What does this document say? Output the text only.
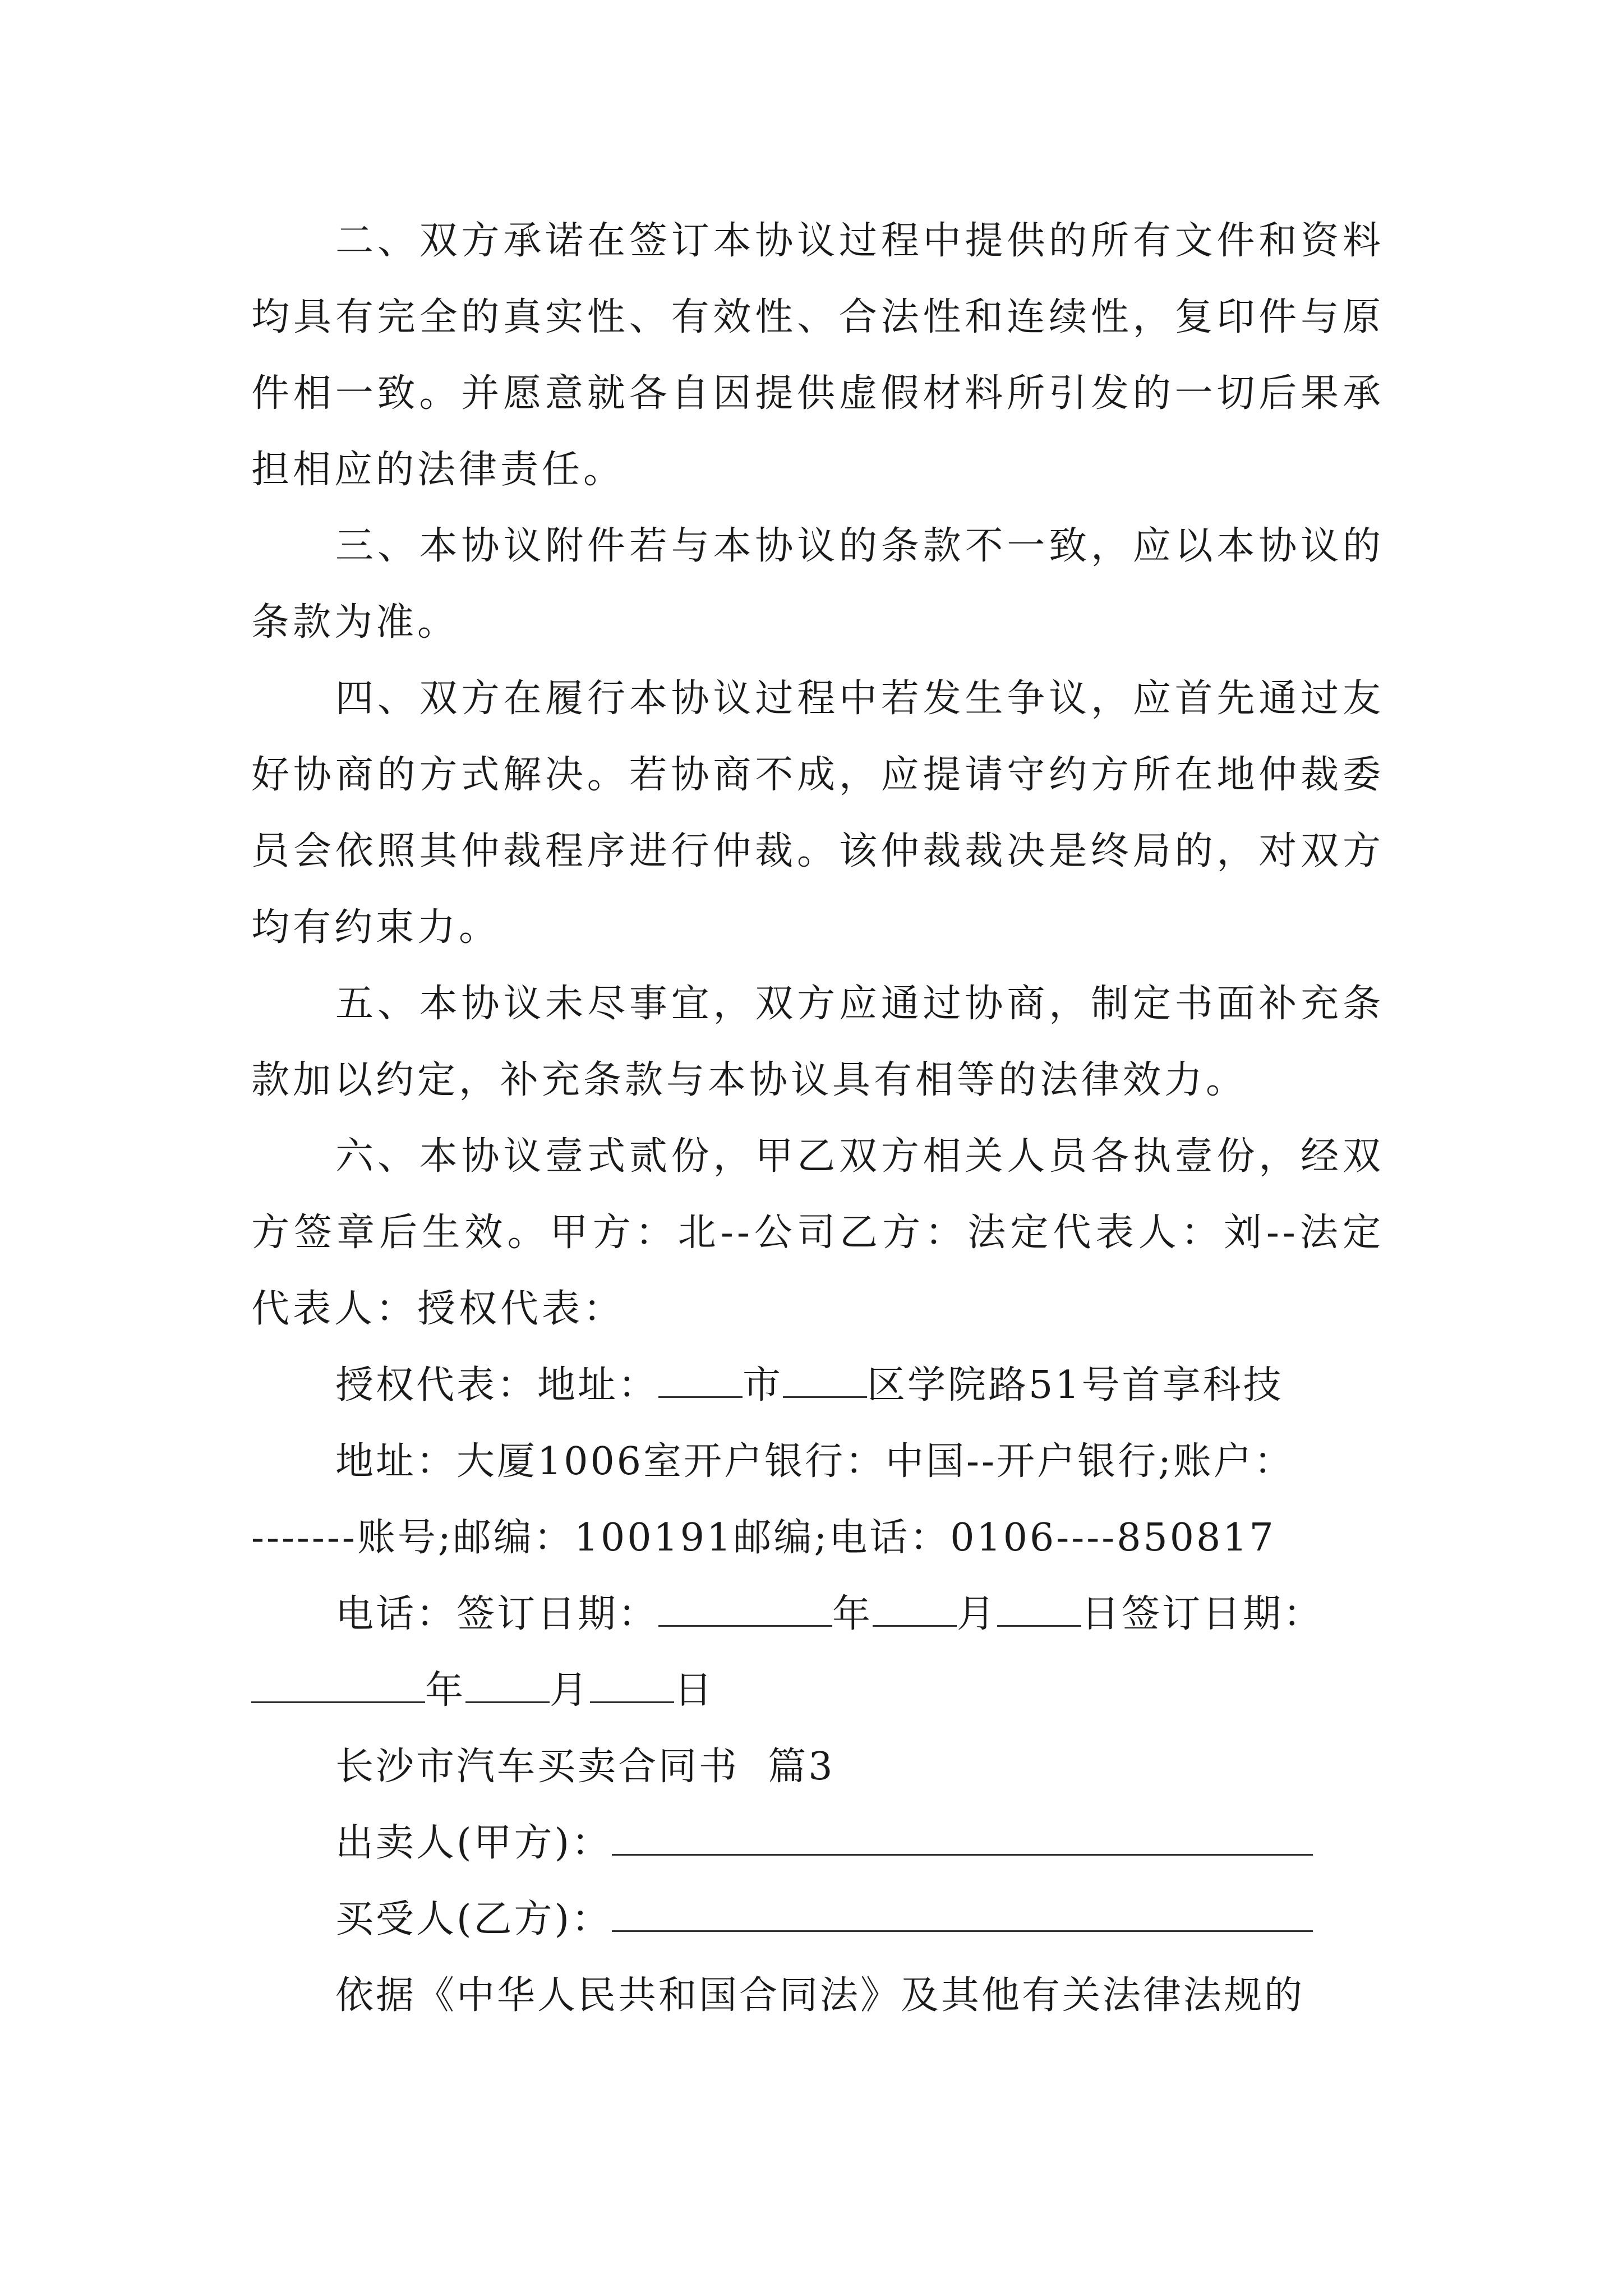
二、双方承诺在签订本协议过程中提供的所有文件和资料均具有完全的真实性、有效性、合法性和连续性，复印件与原件相一致。并愿意就各自因提供虚假材料所引发的一切后果承担相应的法律责任。

三、本协议附件若与本协议的条款不一致，应以本协议的条款为准。

四、双方在履行本协议过程中若发生争议，应首先通过友好协商的方式解决。若协商不成，应提请守约方所在地仲裁委员会依照其仲裁程序进行仲裁。该仲裁裁决是终局的，对双方均有约束力。

五、本协议未尽事宜，双方应通过协商，制定书面补充条款加以约定，补充条款与本协议具有相等的法律效力。

六、本协议壹式贰份，甲乙双方相关人员各执壹份，经双方签章后生效。甲方：北--公司乙方：法定代表人：刘--法定代表人：授权代表：

授权代表：地址： 市 区学院路51号首享科技

地址：大厦1006室开户银行：中国--开户银行;账户：

-------账号;邮编：100191邮编;电话：0106----850817

电话：签订日期：	年 月 日签订日期：

年 月 日

长沙市汽车买卖合同书  篇3

出卖人(甲方)：

买受人(乙方)：

依据《中华人民共和国合同法》及其他有关法律法规的
